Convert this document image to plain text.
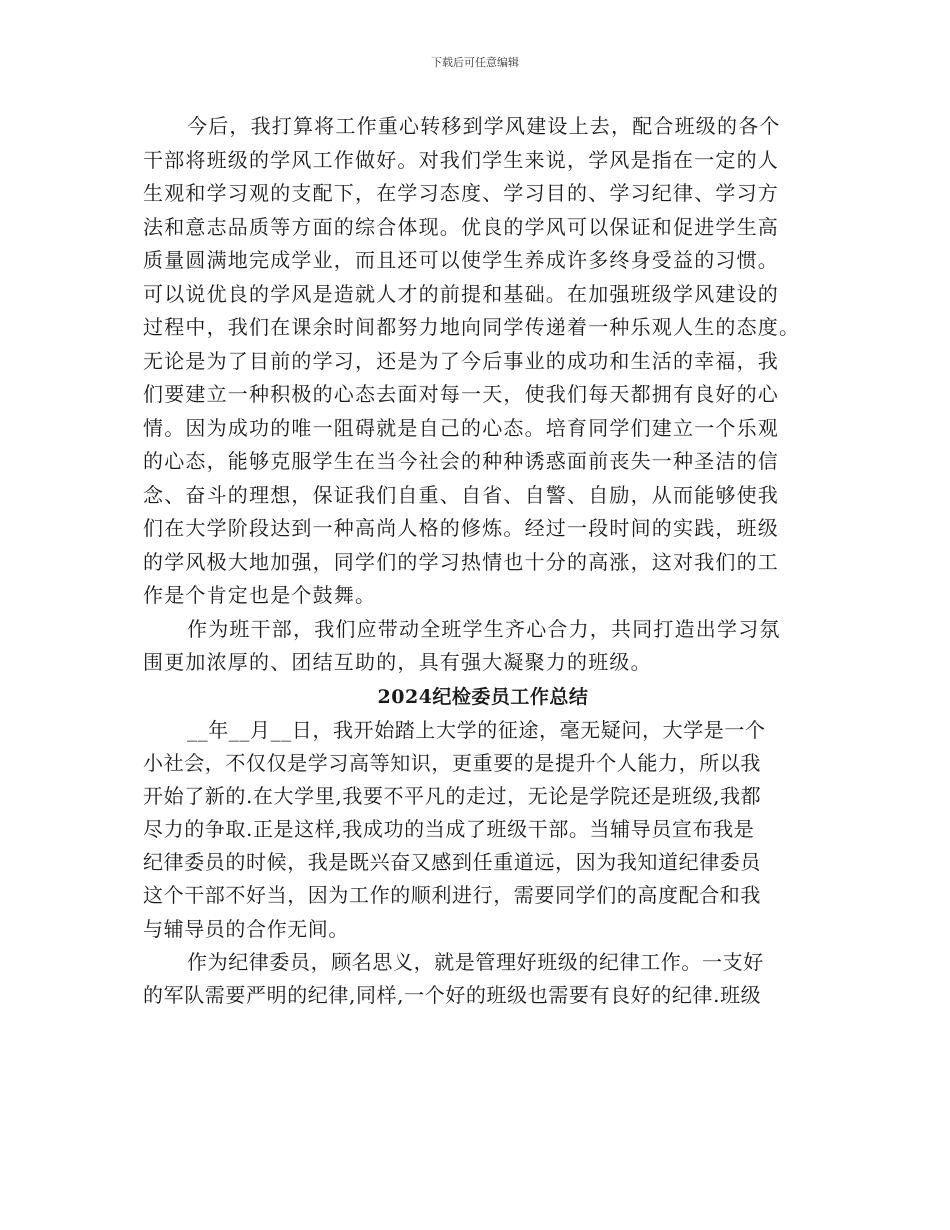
下载后可任意编辑
今后，我打算将工作重心转移到学风建设上去，配合班级的各个
干部将班级的学风工作做好。对我们学生来说，学风是指在一定的人
生观和学习观的支配下，在学习态度、学习目的、学习纪律、学习方
法和意志品质等方面的综合体现。优良的学风可以保证和促进学生高
质量圆满地完成学业，而且还可以使学生养成许多终身受益的习惯。
可以说优良的学风是造就人才的前提和基础。在加强班级学风建设的
过程中，我们在课余时间都努力地向同学传递着一种乐观人生的态度。
无论是为了目前的学习，还是为了今后事业的成功和生活的幸福，我
们要建立一种积极的心态去面对每一天，使我们每天都拥有良好的心
情。因为成功的唯一阻碍就是自己的心态。培育同学们建立一个乐观
的心态，能够克服学生在当今社会的种种诱惑面前丧失一种圣洁的信
念、奋斗的理想，保证我们自重、自省、自警、自励，从而能够使我
们在大学阶段达到一种高尚人格的修炼。经过一段时间的实践，班级
的学风极大地加强，同学们的学习热情也十分的高涨，这对我们的工
作是个肯定也是个鼓舞。
作为班干部，我们应带动全班学生齐心合力，共同打造出学习氛
围更加浓厚的、团结互助的，具有强大凝聚力的班级。
2024纪检委员工作总结
__年__月__日，我开始踏上大学的征途，毫无疑问，大学是一个
小社会，不仅仅是学习高等知识，更重要的是提升个人能力，所以我
开始了新的.在大学里,我要不平凡的走过，无论是学院还是班级,我都
尽力的争取.正是这样,我成功的当成了班级干部。当辅导员宣布我是
纪律委员的时候，我是既兴奋又感到任重道远，因为我知道纪律委员
这个干部不好当，因为工作的顺利进行，需要同学们的高度配合和我
与辅导员的合作无间。
作为纪律委员，顾名思义，就是管理好班级的纪律工作。一支好
的军队需要严明的纪律,同样,一个好的班级也需要有良好的纪律.班级
